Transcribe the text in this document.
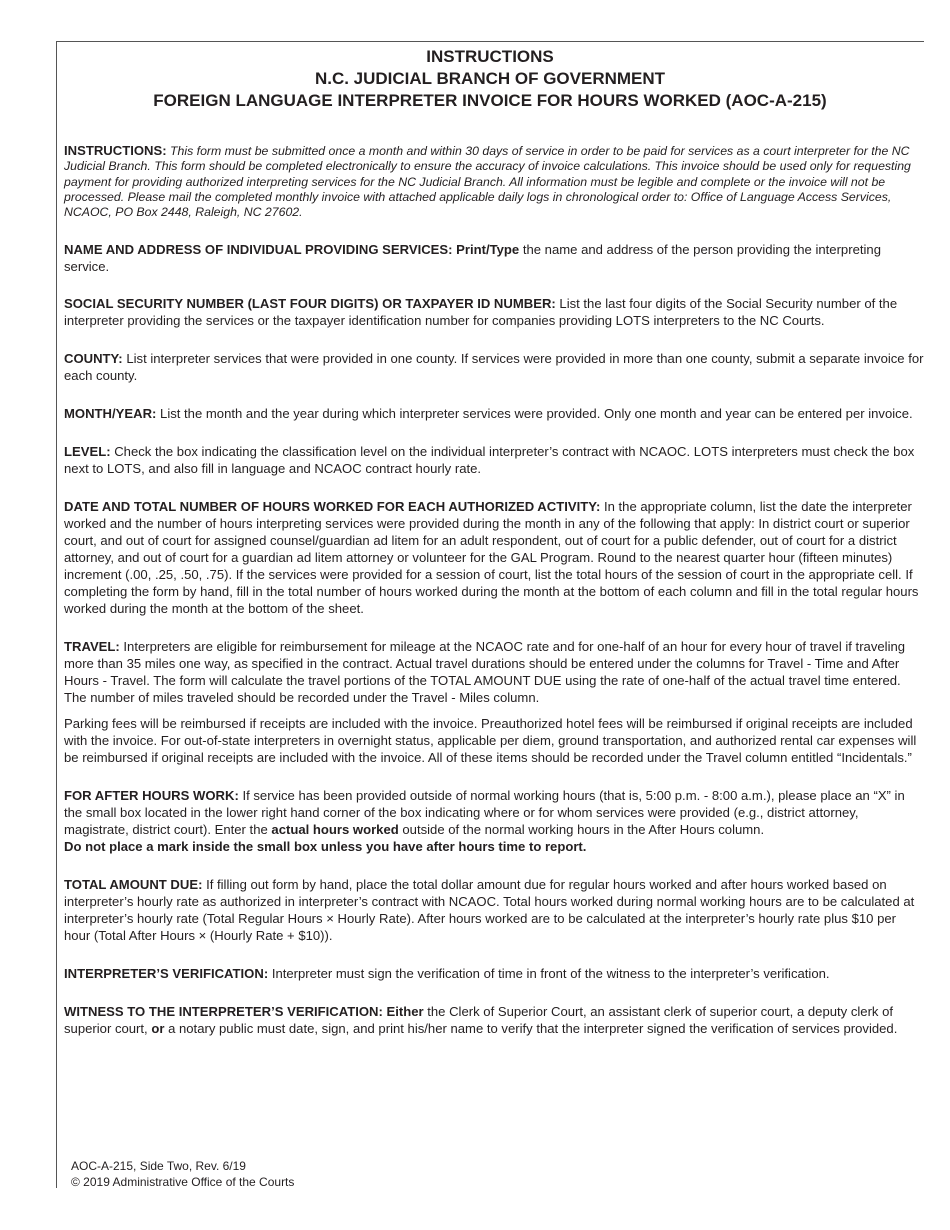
INSTRUCTIONS
N.C. JUDICIAL BRANCH OF GOVERNMENT
FOREIGN LANGUAGE INTERPRETER INVOICE FOR HOURS WORKED (AOC-A-215)

INSTRUCTIONS: This form must be submitted once a month and within 30 days of service in order to be paid for services as a court interpreter for the NC Judicial Branch. This form should be completed electronically to ensure the accuracy of invoice calculations. This invoice should be used only for requesting payment for providing authorized interpreting services for the NC Judicial Branch. All information must be legible and complete or the invoice will not be processed. Please mail the completed monthly invoice with attached applicable daily logs in chronological order to: Office of Language Access Services, NCAOC, PO Box 2448, Raleigh, NC 27602.

NAME AND ADDRESS OF INDIVIDUAL PROVIDING SERVICES: Print/Type the name and address of the person providing the interpreting service.

SOCIAL SECURITY NUMBER (LAST FOUR DIGITS) OR TAXPAYER ID NUMBER: List the last four digits of the Social Security number of the interpreter providing the services or the taxpayer identification number for companies providing LOTS interpreters to the NC Courts.

COUNTY: List interpreter services that were provided in one county. If services were provided in more than one county, submit a separate invoice for each county.

MONTH/YEAR: List the month and the year during which interpreter services were provided. Only one month and year can be entered per invoice.

LEVEL: Check the box indicating the classification level on the individual interpreter’s contract with NCAOC. LOTS interpreters must check the box next to LOTS, and also fill in language and NCAOC contract hourly rate.

DATE AND TOTAL NUMBER OF HOURS WORKED FOR EACH AUTHORIZED ACTIVITY: In the appropriate column, list the date the interpreter worked and the number of hours interpreting services were provided during the month in any of the following that apply: In district court or superior court, and out of court for assigned counsel/guardian ad litem for an adult respondent, out of court for a public defender, out of court for a district attorney, and out of court for a guardian ad litem attorney or volunteer for the GAL Program. Round to the nearest quarter hour (fifteen minutes) increment (.00, .25, .50, .75). If the services were provided for a session of court, list the total hours of the session of court in the appropriate cell. If completing the form by hand, fill in the total number of hours worked during the month at the bottom of each column and fill in the total regular hours worked during the month at the bottom of the sheet.

TRAVEL: Interpreters are eligible for reimbursement for mileage at the NCAOC rate and for one-half of an hour for every hour of travel if traveling more than 35 miles one way, as specified in the contract. Actual travel durations should be entered under the columns for Travel - Time and After Hours - Travel. The form will calculate the travel portions of the TOTAL AMOUNT DUE using the rate of one-half of the actual travel time entered. The number of miles traveled should be recorded under the Travel - Miles column.

Parking fees will be reimbursed if receipts are included with the invoice. Preauthorized hotel fees will be reimbursed if original receipts are included with the invoice. For out-of-state interpreters in overnight status, applicable per diem, ground transportation, and authorized rental car expenses will be reimbursed if original receipts are included with the invoice. All of these items should be recorded under the Travel column entitled “Incidentals.”

FOR AFTER HOURS WORK: If service has been provided outside of normal working hours (that is, 5:00 p.m. - 8:00 a.m.), please place an “X” in the small box located in the lower right hand corner of the box indicating where or for whom services were provided (e.g., district attorney, magistrate, district court). Enter the actual hours worked outside of the normal working hours in the After Hours column.
Do not place a mark inside the small box unless you have after hours time to report.

TOTAL AMOUNT DUE: If filling out form by hand, place the total dollar amount due for regular hours worked and after hours worked based on interpreter’s hourly rate as authorized in interpreter’s contract with NCAOC. Total hours worked during normal working hours are to be calculated at interpreter’s hourly rate (Total Regular Hours × Hourly Rate). After hours worked are to be calculated at the interpreter’s hourly rate plus $10 per hour (Total After Hours × (Hourly Rate + $10)).

INTERPRETER’S VERIFICATION: Interpreter must sign the verification of time in front of the witness to the interpreter’s verification.

WITNESS TO THE INTERPRETER’S VERIFICATION: Either the Clerk of Superior Court, an assistant clerk of superior court, a deputy clerk of superior court, or a notary public must date, sign, and print his/her name to verify that the interpreter signed the verification of services provided.

AOC-A-215, Side Two, Rev. 6/19
© 2019 Administrative Office of the Courts
